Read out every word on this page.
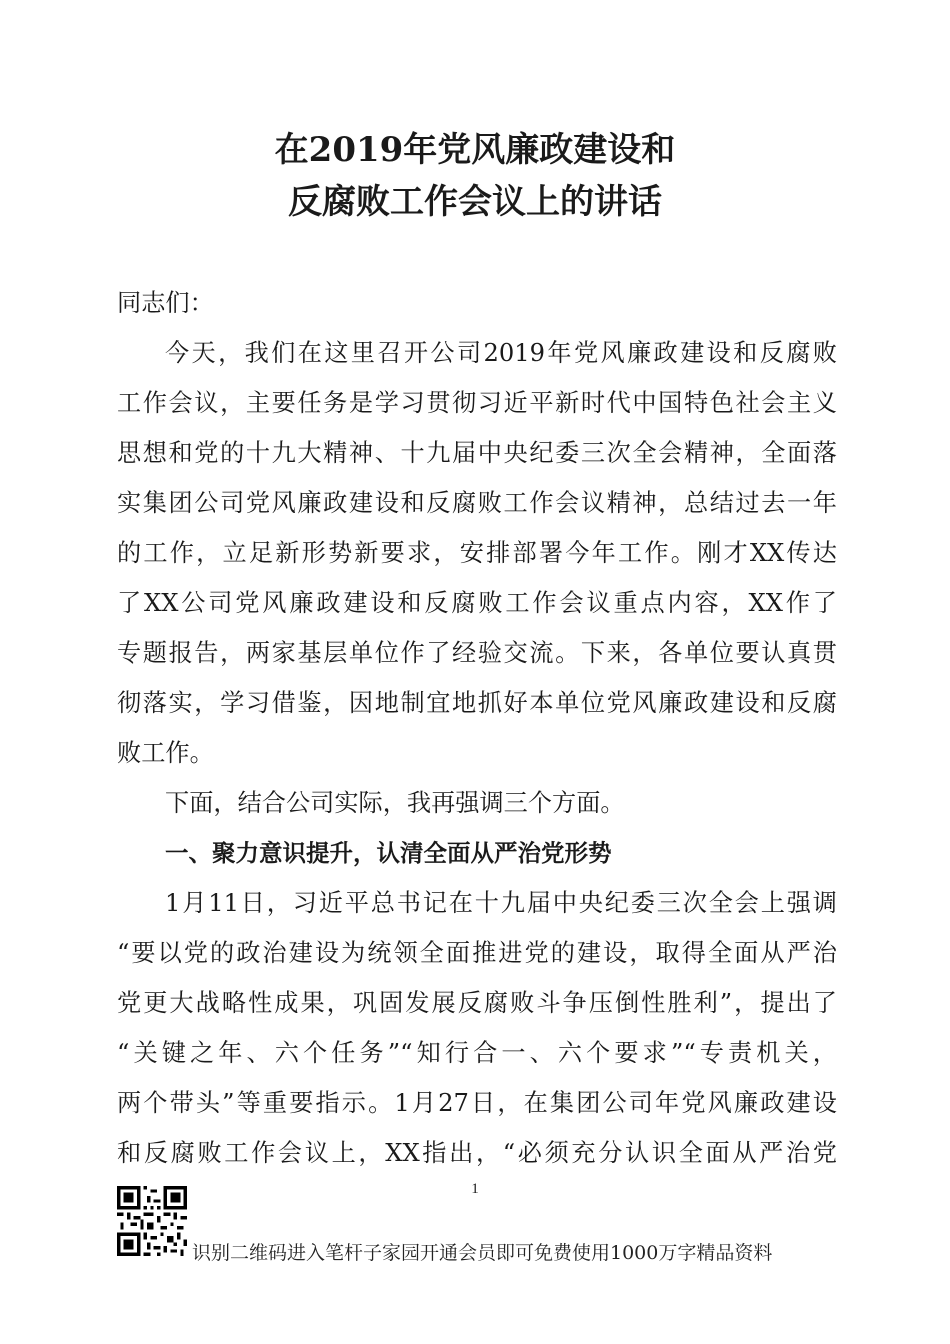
在2019年党风廉政建设和
反腐败工作会议上的讲话
同志们：
今天，我们在这里召开公司2019年党风廉政建设和反腐败
工作会议，主要任务是学习贯彻习近平新时代中国特色社会主义
思想和党的十九大精神、十九届中央纪委三次全会精神，全面落
实集团公司党风廉政建设和反腐败工作会议精神，总结过去一年
的工作，立足新形势新要求，安排部署今年工作。刚才XX传达
了XX公司党风廉政建设和反腐败工作会议重点内容，XX作了
专题报告，两家基层单位作了经验交流。下来，各单位要认真贯
彻落实，学习借鉴，因地制宜地抓好本单位党风廉政建设和反腐
败工作。
下面，结合公司实际，我再强调三个方面。
一、聚力意识提升，认清全面从严治党形势
1月11日，习近平总书记在十九届中央纪委三次全会上强调
“要以党的政治建设为统领全面推进党的建设，取得全面从严治
党更大战略性成果，巩固发展反腐败斗争压倒性胜利”，提出了
“关键之年、六个任务”“知行合一、六个要求”“专责机关，
两个带头”等重要指示。1月27日，在集团公司年党风廉政建设
和反腐败工作会议上，XX指出，“必须充分认识全面从严治党
1
识别二维码进入笔杆子家园开通会员即可免费使用1000万字精品资料
